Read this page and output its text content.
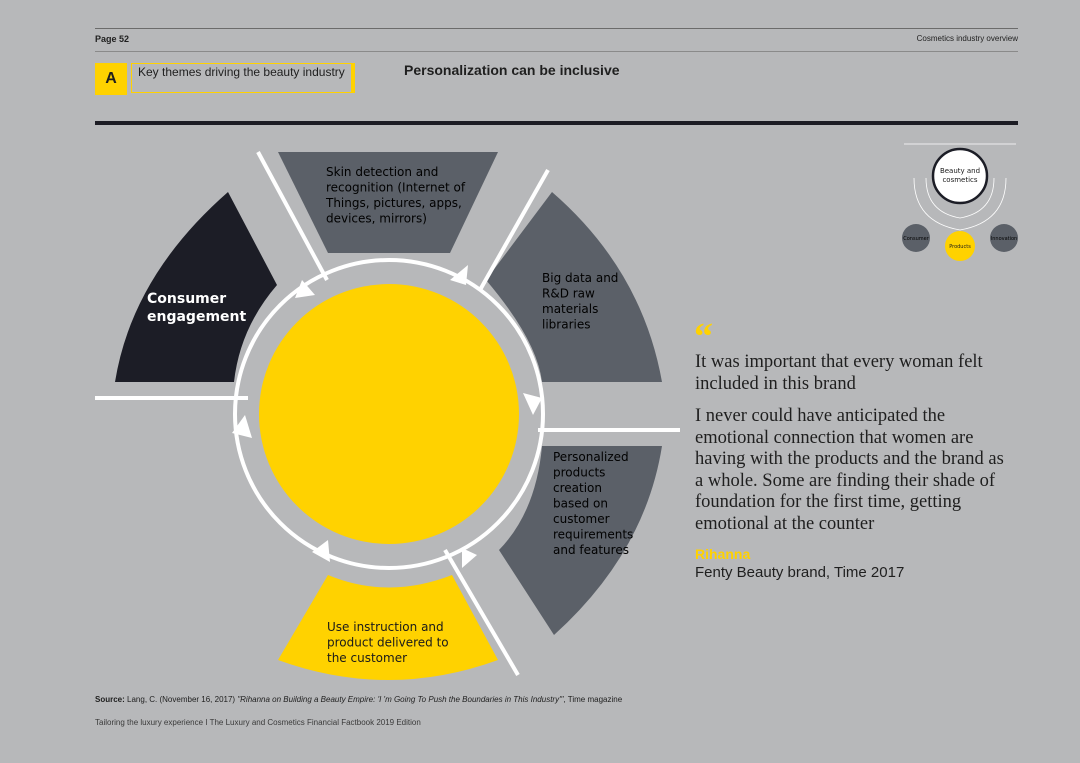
Page 52	Cosmetics industry overview
A	Key themes driving the beauty industry	Personalization can be inclusive
Skin detection and recognition (Internet of Things, pictures, apps, devices, mirrors)
Big data and R&D raw materials libraries
Personalized products creation based on customer requirements and features
Use instruction and product delivered to the customer
Consumer engagement
Beauty and
cosmetics
Consumer
Products
Innovation
“
It was important that every woman felt included in this brand
I never could have anticipated the emotional connection that women are having with the products and the brand as a whole. Some are finding their shade of foundation for the first time, getting emotional at the counter
Rihanna
Fenty Beauty brand, Time 2017
Source: Lang, C. (November 16, 2017) "Rihanna on Building a Beauty Empire: 'I 'm Going To Push the Boundaries in This Industry'", Time magazine
Tailoring the luxury experience I The Luxury and Cosmetics Financial Factbook 2019 Edition
